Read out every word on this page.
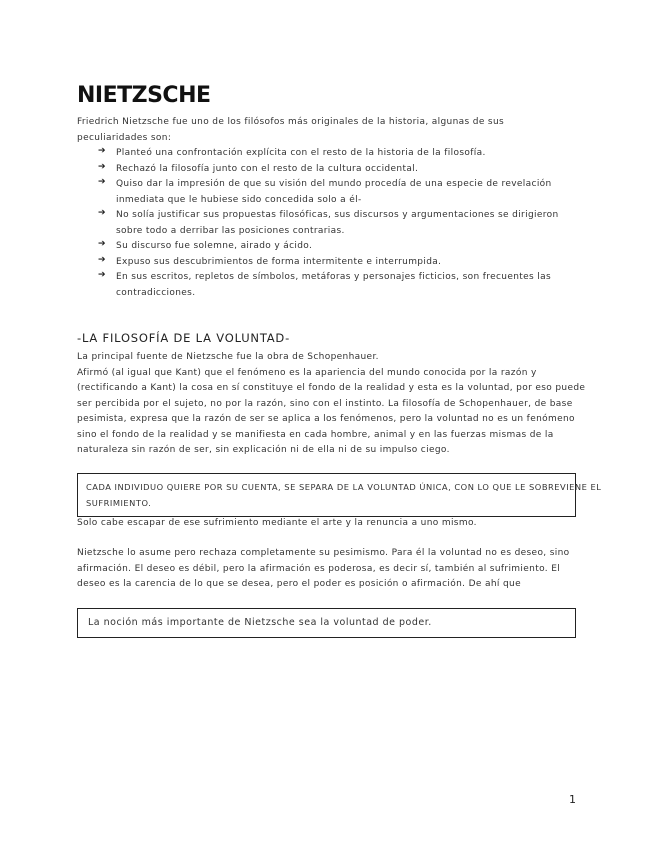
NIETZSCHE

Friedrich Nietzsche fue uno de los filósofos más originales de la historia, algunas de sus

peculiaridades son:

➔ Planteó una confrontación explícita con el resto de la historia de la filosofía.

➔ Rechazó la filosofía junto con el resto de la cultura occidental.

➔ Quiso dar la impresión de que su visión del mundo procedía de una especie de revelación

inmediata que le hubiese sido concedida solo a él-

➔ No solía justificar sus propuestas filosóficas, sus discursos y argumentaciones se dirigieron

sobre todo a derribar las posiciones contrarias.

➔ Su discurso fue solemne, airado y ácido.

➔ Expuso sus descubrimientos de forma intermitente e interrumpida.

➔ En sus escritos, repletos de símbolos, metáforas y personajes ficticios, son frecuentes las

contradicciones.

-LA FILOSOFÍA DE LA VOLUNTAD-

La principal fuente de Nietzsche fue la obra de Schopenhauer.

Afirmó (al igual que Kant) que el fenómeno es la apariencia del mundo conocida por la razón y

(rectificando a Kant) la cosa en sí constituye el fondo de la realidad y esta es la voluntad, por eso puede

ser percibida por el sujeto, no por la razón, sino con el instinto. La filosofía de Schopenhauer, de base

pesimista, expresa que la razón de ser se aplica a los fenómenos, pero la voluntad no es un fenómeno

sino el fondo de la realidad y se manifiesta en cada hombre, animal y en las fuerzas mismas de la

naturaleza sin razón de ser, sin explicación ni de ella ni de su impulso ciego.

CADA INDIVIDUO QUIERE POR SU CUENTA, SE SEPARA DE LA VOLUNTAD ÚNICA, CON LO QUE LE SOBREVIENE EL

SUFRIMIENTO.

Solo cabe escapar de ese sufrimiento mediante el arte y la renuncia a uno mismo.

Nietzsche lo asume pero rechaza completamente su pesimismo. Para él la voluntad no es deseo, sino

afirmación. El deseo es débil, pero la afirmación es poderosa, es decir sí, también al sufrimiento. El

deseo es la carencia de lo que se desea, pero el poder es posición o afirmación. De ahí que

La noción más importante de Nietzsche sea la voluntad de poder.

1
